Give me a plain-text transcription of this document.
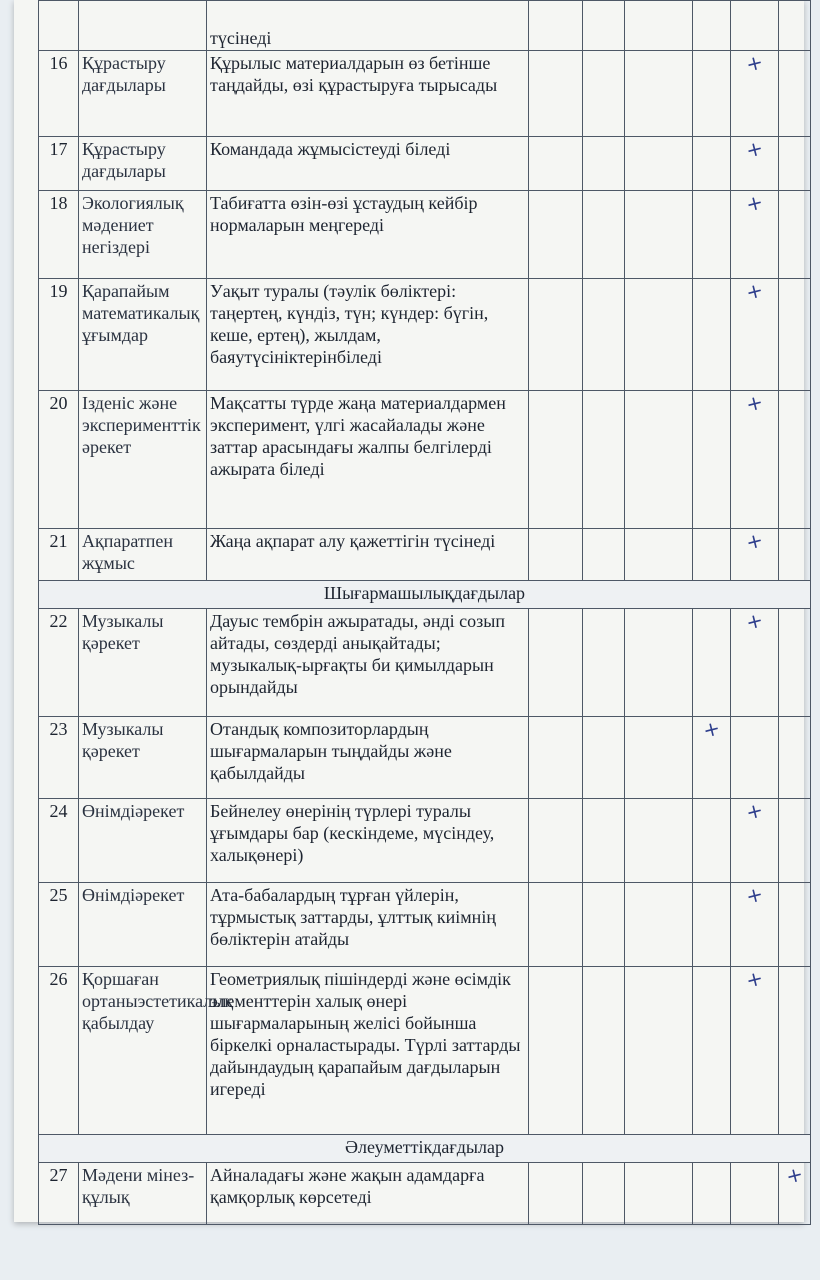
		түсінеді						
16	Құрастыру дағдылары	Құрылыс материалдарын өз бетінше таңдайды, өзі құрастыруға тырысады					+	
17	Құрастыру дағдылары	Командада жұмысістеуді біледі					+	
18	Экологиялық мәдениет негіздері	Табиғатта өзін-өзі ұстаудың кейбір нормаларын меңгереді					+	
19	Қарапайым математикалық ұғымдар	Уақыт туралы (тәулік бөліктері: таңертең, күндіз, түн; күндер: бүгін, кеше, ертең), жылдам, баяутүсініктерінбіледі					+	
20	Ізденіс және эксперименттік әрекет	Мақсатты түрде жаңа материалдармен эксперимент, үлгі жасайалады және заттар арасындағы жалпы белгілерді ажырата біледі					+	
21	Ақпаратпен жұмыс	Жаңа ақпарат алу қажеттігін түсінеді					+	
Шығармашылықдағдылар								
22	Музыкалы қәрекет	Дауыс тембрін ажыратады, әнді созып айтады, сөздерді анықайтады; музыкалық-ырғақты би қимылдарын орындайды					+	
23	Музыкалы қәрекет	Отандық композиторлардың шығармаларын тыңдайды және қабылдайды				+		
24	Өнімдіәрекет	Бейнелеу өнерінің түрлері туралы ұғымдары бар (кескіндеме, мүсіндеу, халықөнері)					+	
25	Өнімдіәрекет	Ата-бабалардың тұрған үйлерін, тұрмыстық заттарды, ұлттық киімнің бөліктерін атайды					+	
26	Қоршаған ортаныэстетикалық қабылдау	Геометриялық пішіндерді және өсімдік элементтерін халық өнері шығармаларының желісі бойынша біркелкі орналастырады. Түрлі заттарды дайындаудың қарапайым дағдыларын игереді					+	
Әлеуметтікдағдылар								
27	Мәдени мінез-құлық	Айналадағы және жақын адамдарға қамқорлық көрсетеді						+
